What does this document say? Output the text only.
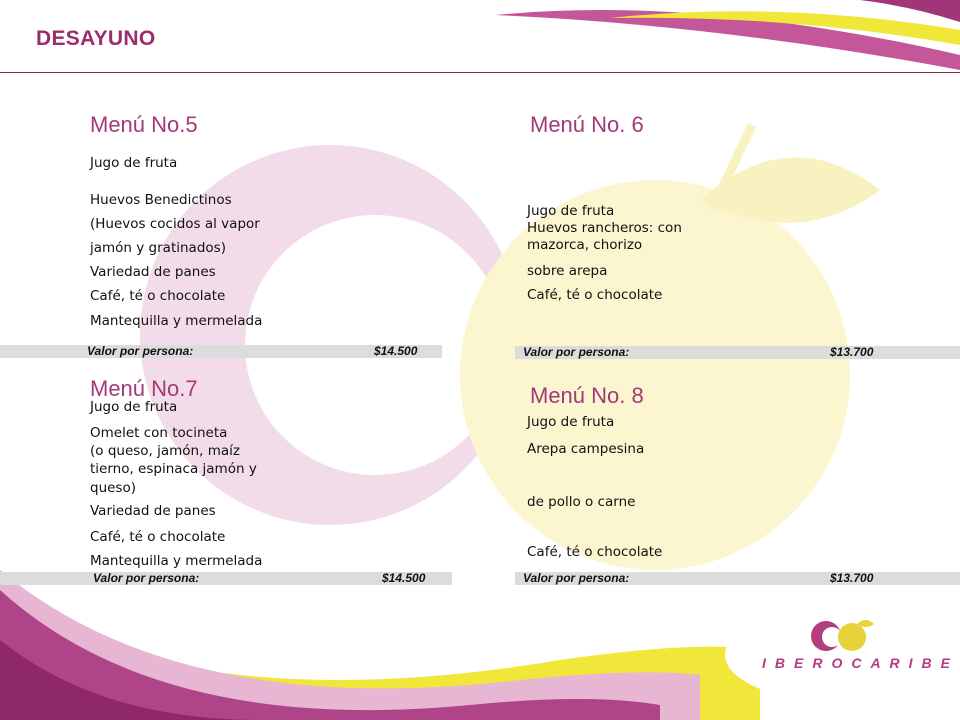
DESAYUNO
Menú No.5
Jugo de fruta
Huevos Benedictinos
(Huevos cocidos al vapor
jamón y gratinados)
Variedad de panes
Café, té o chocolate
Mantequilla y mermelada
Valor por persona:	$14.500
Menú No. 6
Jugo de fruta
Huevos rancheros: con
mazorca, chorizo
sobre arepa
Café, té o chocolate
Valor por persona:	$13.700
Menú No.7
Jugo de fruta
Omelet con tocineta
(o queso, jamón, maíz
tierno, espinaca jamón y
queso)
Variedad de panes
Café, té o chocolate
Mantequilla y mermelada
Valor por persona:	$14.500
Menú No. 8
Jugo de fruta
Arepa campesina
de pollo o carne
Café, té o chocolate
Valor por persona:	$13.700
IBEROCARIBE
